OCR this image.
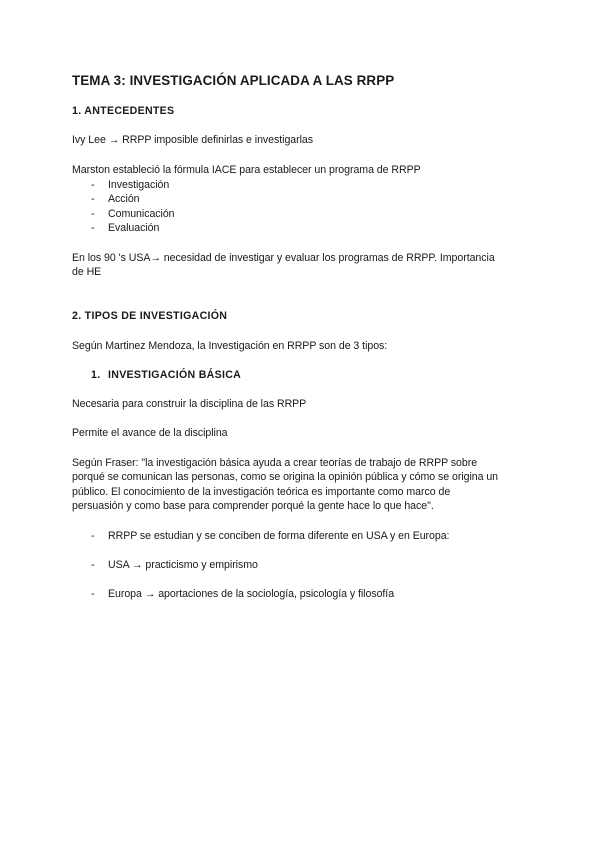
TEMA 3: INVESTIGACIÓN APLICADA A LAS RRPP
1. ANTECEDENTES
Ivy Lee → RRPP imposible definirlas e investigarlas
Marston estableció la fórmula IACE para establecer un programa de RRPP
- Investigación
- Acción
- Comunicación
- Evaluación
En los 90 's USA→ necesidad de investigar y evaluar los programas de RRPP. Importancia
de HE
2. TIPOS DE INVESTIGACIÓN
Según Martinez Mendoza, la Investigación en RRPP son de 3 tipos:
1. INVESTIGACIÓN BÁSICA
Necesaria para construir la disciplina de las RRPP
Permite el avance de la disciplina
Según Fraser: "la investigación básica ayuda a crear teorías de trabajo de RRPP sobre
porqué se comunican las personas, como se origina la opinión pública y cómo se origina un
público. El conocimiento de la investigación teórica es importante como marco de
persuasión y como base para comprender porqué la gente hace lo que hace".
- RRPP se estudian y se conciben de forma diferente en USA y en Europa:
- USA → practicismo y empirismo
- Europa → aportaciones de la sociología, psicología y filosofía
